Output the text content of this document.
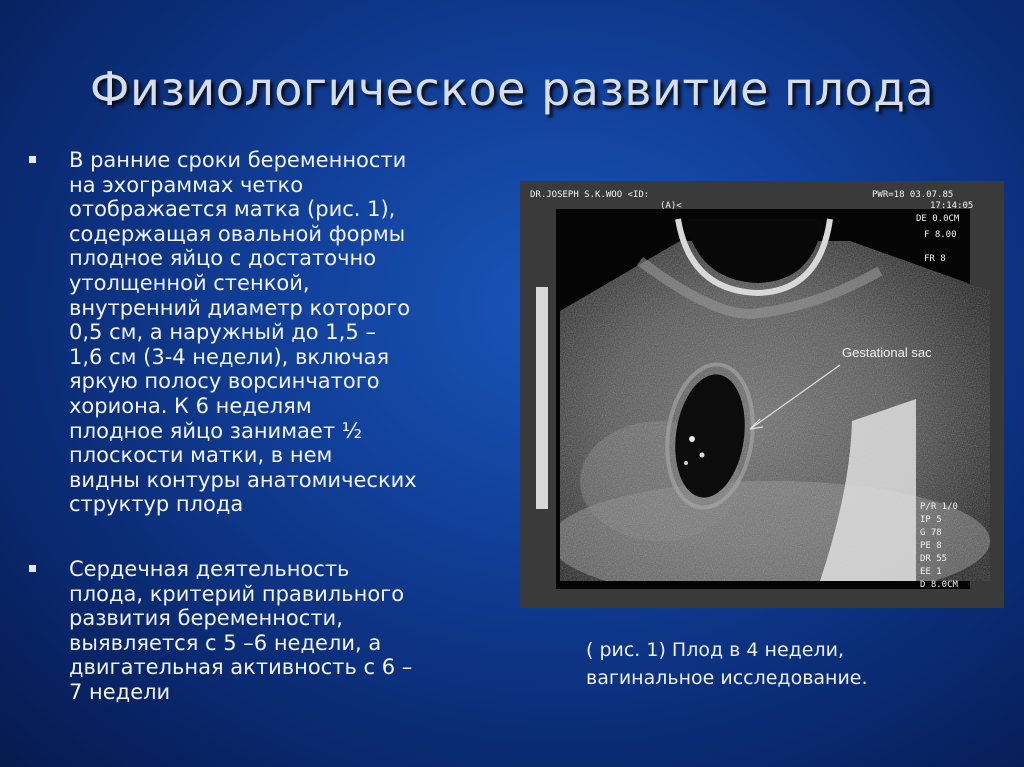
Физиологическое развитие плода
В ранние сроки беременности
на эхограммах четко
отображается матка (рис. 1),
содержащая овальной формы
плодное яйцо с достаточно
утолщенной стенкой,
внутренний диаметр которого
0,5 см, а наружный до 1,5 –
1,6 см (3-4 недели), включая
яркую полосу ворсинчатого
хориона. К 6 неделям
плодное яйцо занимает ½
плоскости матки, в нем
видны контуры анатомических
структур плода
Сердечная деятельность
плода, критерий правильного
развития беременности,
выявляется с 5 –6 недели, а
двигательная активность с 6 –
7 недели
Gestational sac
DR.JOSEPH S.K.WOO <ID:
(A)<
PWR=18 03.07.85
17:14:05
DE 0.0CM
F 8.00
FR 8
P/R 1/0
IP 5
G 78
PE 8
DR 55
EE 1
D 8.0CM
( рис. 1) Плод в 4 недели,
вагинальное исследование.
